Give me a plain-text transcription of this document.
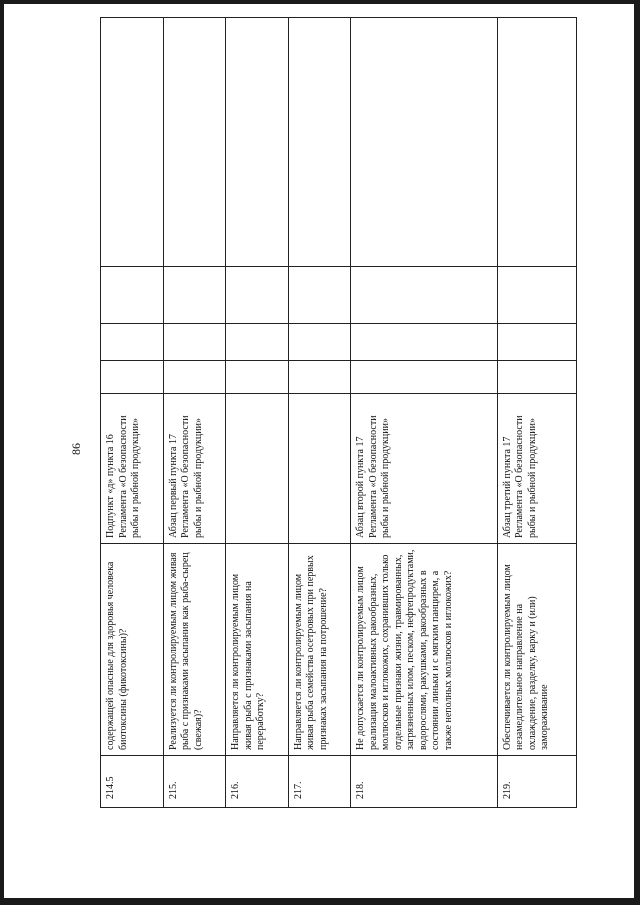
86
214.5	содержащей опасные для здоровья человека биотоксины (фикотоксины)?	Подпункт «д» пункта 16 Регламента «О безопасности рыбы и рыбной продукции»				
215.	Реализуется ли контролируемым лицом живая рыба с признаками засыпания как рыба-сырец (свежая)?	Абзац первый пункта 17 Регламента «О безопасности рыбы и рыбной продукции»				
216.	Направляется ли контролируемым лицом живая рыба с признаками засыпания на переработку?					
217.	Направляется ли контролируемым лицом живая рыба семейства осетровых при первых признаках засыпания на потрошение?					
218.	Не допускается ли контролируемым лицом реализация малоактивных ракообразных, моллюсков и иглокожих, сохранивших только отдельные признаки жизни, травмированных, загрязненных илом, песком, нефтепродуктами, водорослями, ракушками, ракообразных в состоянии линьки и с мягким панцирем, а также неполных моллюсков и иглокожих?	Абзац второй пункта 17 Регламента «О безопасности рыбы и рыбной продукции»				
219.	Обеспечивается ли контролируемым лицом незамедлительное направление на охлаждение, разделку, варку и (или) замораживание	Абзац третий пункта 17 Регламента «О безопасности рыбы и рыбной продукции»				
